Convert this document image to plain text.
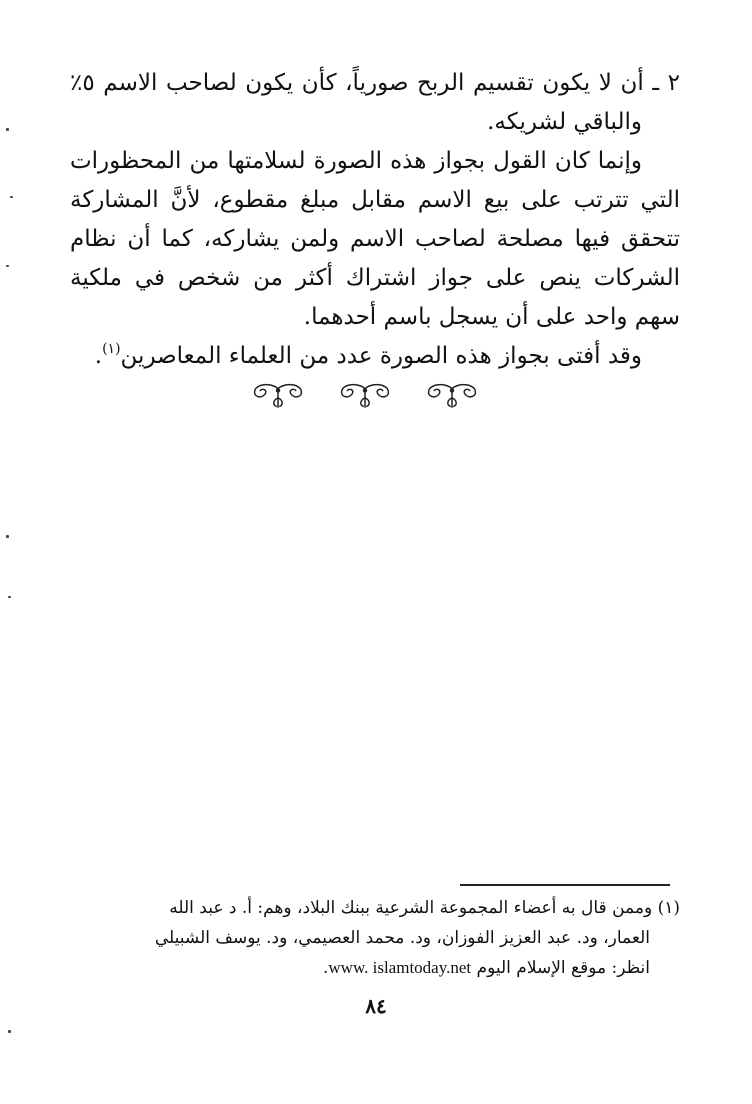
٢ ـ أن لا يكون تقسيم الربح صورياً، كأن يكون لصاحب الاسم ٥٪ والباقي لشريكه.

وإنما كان القول بجواز هذه الصورة لسلامتها من المحظورات التي تترتب على بيع الاسم مقابل مبلغ مقطوع، لأنَّ المشاركة تتحقق فيها مصلحة لصاحب الاسم ولمن يشاركه، كما أن نظام الشركات ينص على جواز اشتراك أكثر من شخص في ملكية سهم واحد على أن يسجل باسم أحدهما.

وقد أفتى بجواز هذه الصورة عدد من العلماء المعاصرين$^{(١)}$.

(١) وممن قال به أعضاء المجموعة الشرعية ببنك البلاد، وهم: أ. د عبد الله

العمار، ود. عبد العزيز الفوزان، ود. محمد العصيمي، ود. يوسف الشبيلي

انظر: موقع الإسلام اليوم www. islamtoday.net.

٨٤
